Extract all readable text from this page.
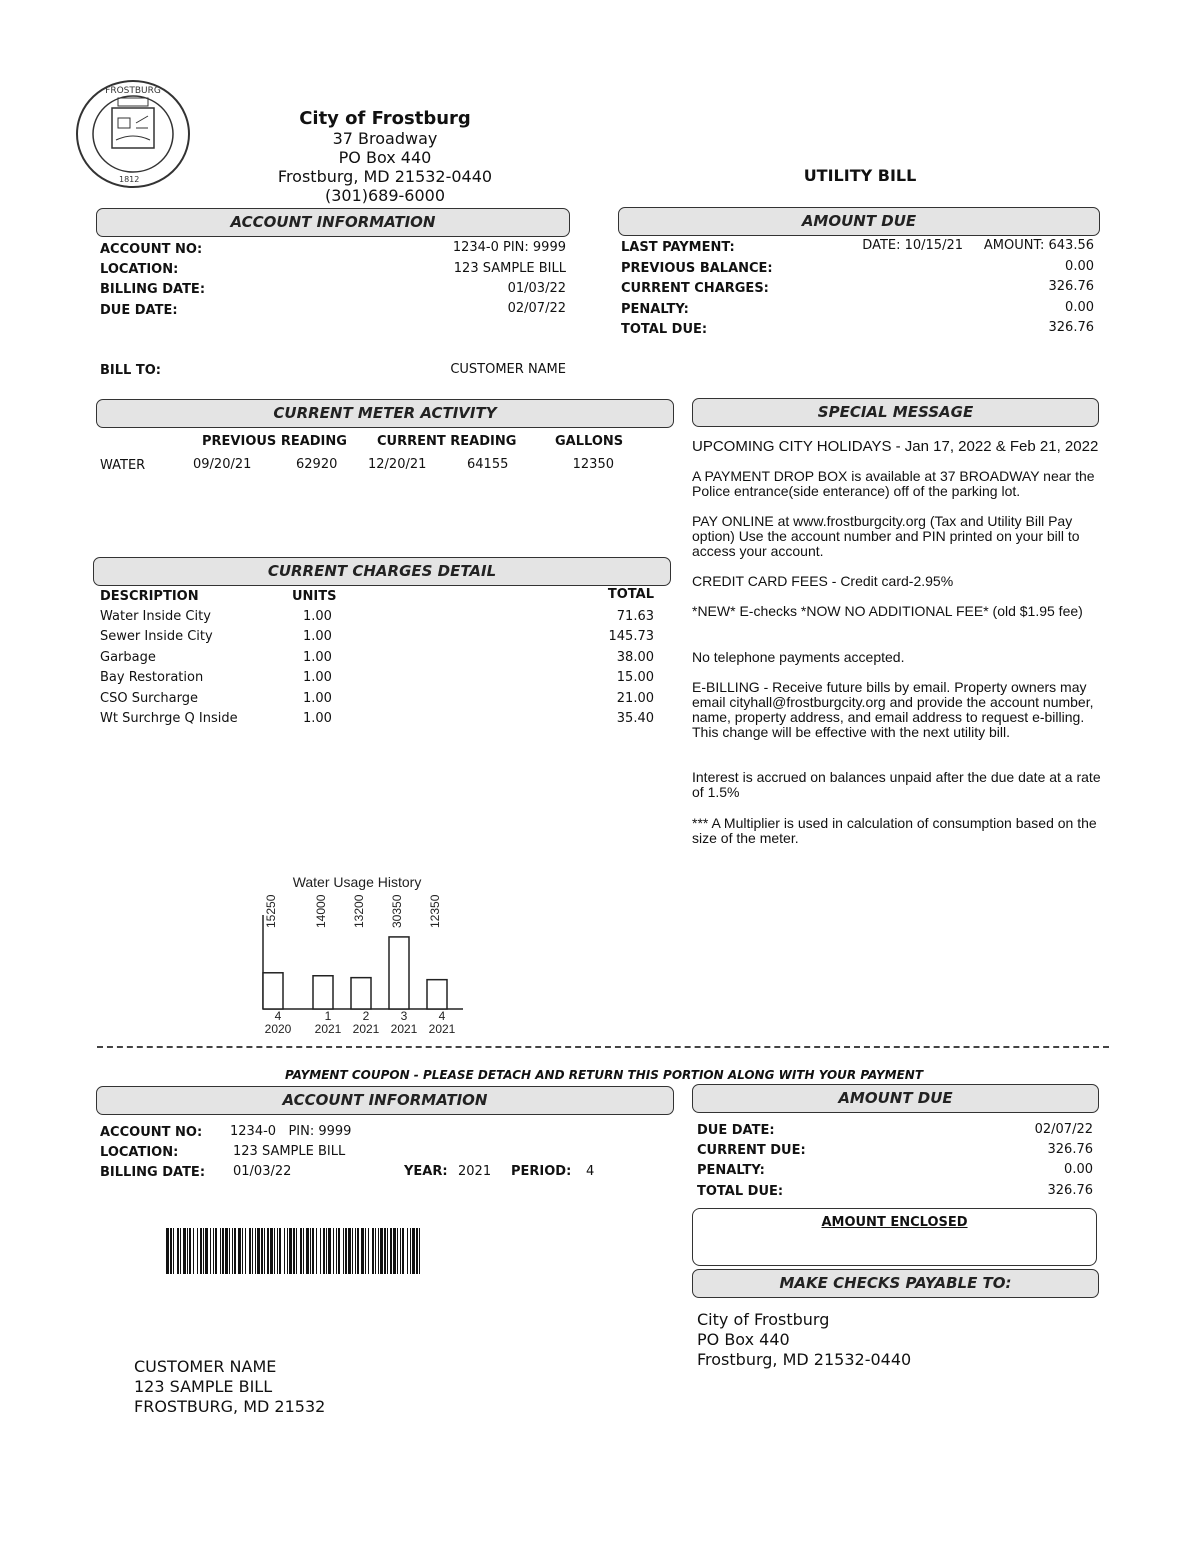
FROSTBURG
1812
City of Frostburg
37 Broadway
PO Box 440
Frostburg, MD 21532-0440
(301)689-6000
UTILITY BILL
ACCOUNT INFORMATION
ACCOUNT NO:	1234-0 PIN: 9999
LOCATION:	123 SAMPLE BILL
BILLING DATE:	01/03/22
DUE DATE:	02/07/22
BILL TO:	CUSTOMER NAME
AMOUNT DUE
LAST PAYMENT:	DATE: 10/15/21	AMOUNT: 643.56
PREVIOUS BALANCE:	0.00
CURRENT CHARGES:	326.76
PENALTY:	0.00
TOTAL DUE:	326.76
CURRENT METER ACTIVITY
PREVIOUS READING CURRENT READING	GALLONS
WATER	09/20/21	62920 12/20/21	64155	12350
CURRENT CHARGES DETAIL
DESCRIPTION	UNITS	TOTAL
Water Inside City	1.00	71.63
Sewer Inside City	1.00	145.73
Garbage	1.00	38.00
Bay Restoration	1.00	15.00
CSO Surcharge	1.00	21.00
Wt Surchrge Q Inside	1.00	35.40
SPECIAL MESSAGE
UPCOMING CITY HOLIDAYS - Jan 17, 2022 & Feb 21, 2022
A PAYMENT DROP BOX is available at 37 BROADWAY near the Police entrance(side enterance) off of the parking lot.
PAY ONLINE at www.frostburgcity.org (Tax and Utility Bill Pay option) Use the account number and PIN printed on your bill to access your account.
CREDIT CARD FEES - Credit card-2.95%
*NEW* E-checks *NOW NO ADDITIONAL FEE* (old $1.95 fee)
No telephone payments accepted.
E-BILLING - Receive future bills by email. Property owners may email cityhall@frostburgcity.org and provide the account number, name, property address, and email address to request e-billing. This change will be effective with the next utility bill.
Interest is accrued on balances unpaid after the due date at a rate of 1.5%
*** A Multiplier is used in calculation of consumption based on the size of the meter.
Water Usage History
15250
4
2020
14000
1
2021
13200
2
2021
30350
3
2021
12350
4
2021
PAYMENT COUPON - PLEASE DETACH AND RETURN THIS PORTION ALONG WITH YOUR PAYMENT
ACCOUNT INFORMATION
ACCOUNT NO: 1234-0   PIN: 9999
LOCATION:	123 SAMPLE BILL
BILLING DATE: 01/03/22	YEAR: 2021 PERIOD: 4
AMOUNT DUE
DUE DATE:	02/07/22
CURRENT DUE:	326.76
PENALTY:	0.00
TOTAL DUE:	326.76
AMOUNT ENCLOSED
MAKE CHECKS PAYABLE TO:
City of Frostburg
PO Box 440
Frostburg, MD 21532-0440
CUSTOMER NAME
123 SAMPLE BILL
FROSTBURG, MD 21532
